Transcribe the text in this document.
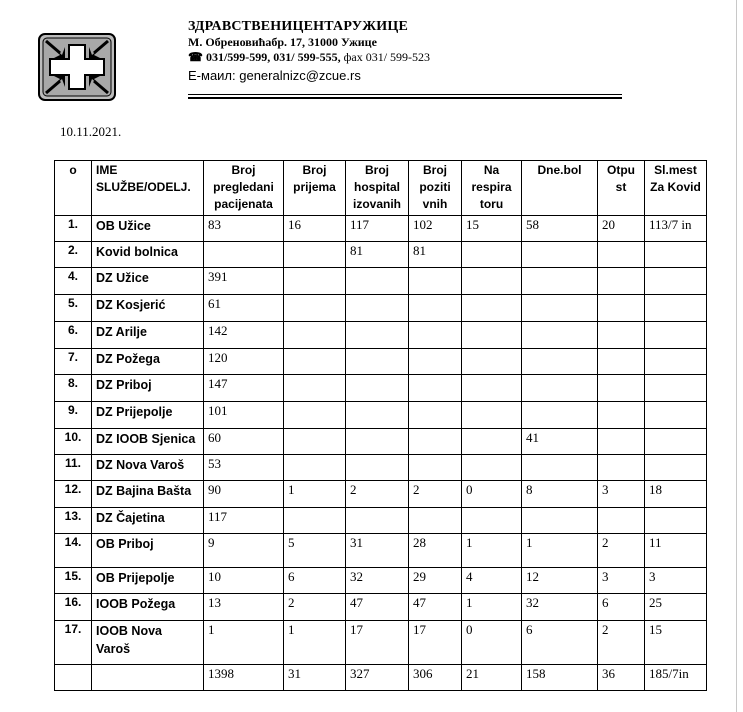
ЗДРАВСТВЕНИЦЕНТАРУЖИЦЕ
М. Обреновићабр. 17, 31000 Ужице
☎ 031/599-599, 031/ 599-555, фах 031/ 599-523
E-маил: generalnizc@zcue.rs
10.11.2021.
o	IME SLUŽBE/ODELJ.	Broj pregledani pacijenata	Broj prijema	Broj hospital izovanih	Broj poziti vnih	Na respira toru	Dne.bol	Otpu st	Sl.mest Za Kovid
1.	OB Užice	83	16	117	102	15	58	20	113/7 in
2.	Kovid bolnica			81	81				
4.	DZ Užice	391							
5.	DZ Kosjerić	61							
6.	DZ Arilje	142							
7.	DZ Požega	120							
8.	DZ Priboj	147							
9.	DZ Prijepolje	101							
10.	DZ IOOB Sjenica	60					41		
11.	DZ Nova Varoš	53							
12.	DZ Bajina Bašta	90	1	2	2	0	8	3	18
13.	DZ Čajetina	117							
14.	OB Priboj	9	5	31	28	1	1	2	11
15.	OB Prijepolje	10	6	32	29	4	12	3	3
16.	IOOB Požega	13	2	47	47	1	32	6	25
17.	IOOB Nova Varoš	1	1	17	17	0	6	2	15
		1398	31	327	306	21	158	36	185/7in
